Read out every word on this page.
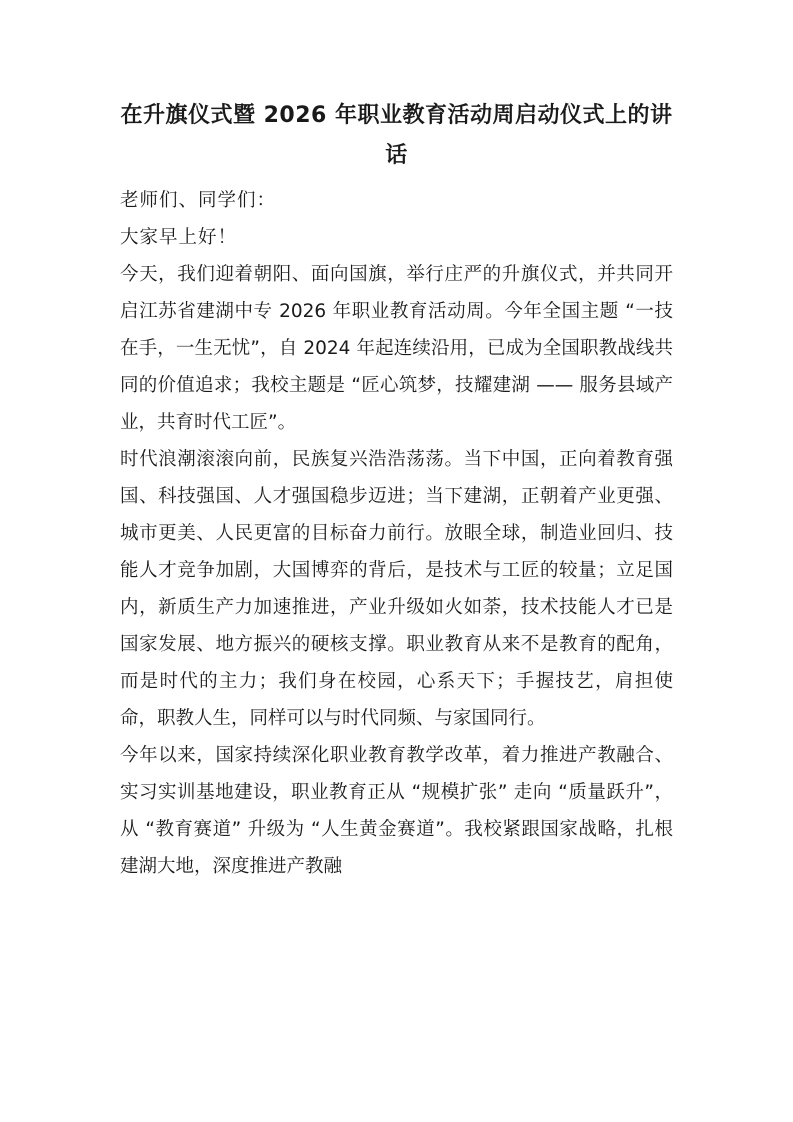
在升旗仪式暨 2026 年职业教育活动周启动仪式上的讲话

老师们、同学们：

大家早上好！

今天，我们迎着朝阳、面向国旗，举行庄严的升旗仪式，并共同开启江苏省建湖中专 2026 年职业教育活动周。今年全国主题 “一技在手，一生无忧”，自 2024 年起连续沿用，已成为全国职教战线共同的价值追求；我校主题是 “匠心筑梦，技耀建湖 —— 服务县域产业，共育时代工匠”。

时代浪潮滚滚向前，民族复兴浩浩荡荡。当下中国，正向着教育强国、科技强国、人才强国稳步迈进；当下建湖，正朝着产业更强、城市更美、人民更富的目标奋力前行。放眼全球，制造业回归、技能人才竞争加剧，大国博弈的背后，是技术与工匠的较量；立足国内，新质生产力加速推进，产业升级如火如荼，技术技能人才已是国家发展、地方振兴的硬核支撑。职业教育从来不是教育的配角，而是时代的主力；我们身在校园，心系天下；手握技艺，肩担使命，职教人生，同样可以与时代同频、与家国同行。

今年以来，国家持续深化职业教育教学改革，着力推进产教融合、实习实训基地建设，职业教育正从 “规模扩张” 走向 “质量跃升”，从 “教育赛道” 升级为 “人生黄金赛道”。我校紧跟国家战略，扎根建湖大地，深度推进产教融
